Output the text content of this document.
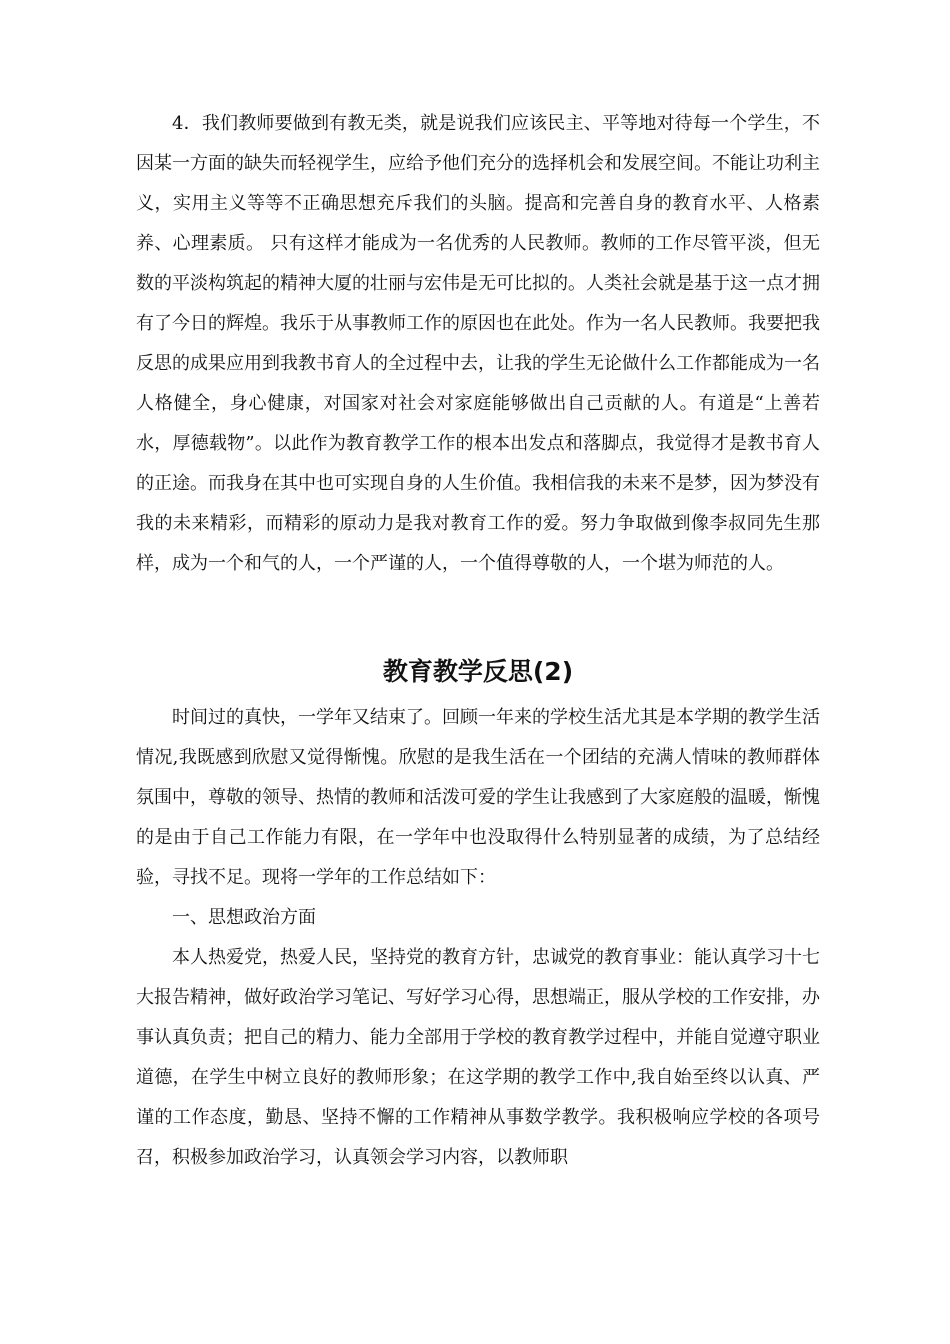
4．我们教师要做到有教无类，就是说我们应该民主、平等地对待每一个学生，不因某一方面的缺失而轻视学生，应给予他们充分的选择机会和发展空间。不能让功利主义，实用主义等等不正确思想充斥我们的头脑。提高和完善自身的教育水平、人格素养、心理素质。 只有这样才能成为一名优秀的人民教师。教师的工作尽管平淡，但无数的平淡构筑起的精神大厦的壮丽与宏伟是无可比拟的。人类社会就是基于这一点才拥有了今日的辉煌。我乐于从事教师工作的原因也在此处。作为一名人民教师。我要把我反思的成果应用到我教书育人的全过程中去，让我的学生无论做什么工作都能成为一名人格健全，身心健康，对国家对社会对家庭能够做出自己贡献的人。有道是“上善若水，厚德载物”。以此作为教育教学工作的根本出发点和落脚点，我觉得才是教书育人的正途。而我身在其中也可实现自身的人生价值。我相信我的未来不是梦，因为梦没有我的未来精彩，而精彩的原动力是我对教育工作的爱。努力争取做到像李叔同先生那样，成为一个和气的人，一个严谨的人，一个值得尊敬的人，一个堪为师范的人。

教育教学反思(2)

时间过的真快，一学年又结束了。回顾一年来的学校生活尤其是本学期的教学生活情况,我既感到欣慰又觉得惭愧。欣慰的是我生活在一个团结的充满人情味的教师群体氛围中，尊敬的领导、热情的教师和活泼可爱的学生让我感到了大家庭般的温暖，惭愧的是由于自己工作能力有限，在一学年中也没取得什么特别显著的成绩，为了总结经验，寻找不足。现将一学年的工作总结如下：

一、思想政治方面

本人热爱党，热爱人民，坚持党的教育方针，忠诚党的教育事业：能认真学习十七大报告精神，做好政治学习笔记、写好学习心得，思想端正，服从学校的工作安排，办事认真负责；把自己的精力、能力全部用于学校的教育教学过程中，并能自觉遵守职业道德，在学生中树立良好的教师形象；在这学期的教学工作中,我自始至终以认真、严谨的工作态度，勤恳、坚持不懈的工作精神从事数学教学。我积极响应学校的各项号召，积极参加政治学习，认真领会学习内容，以教师职
